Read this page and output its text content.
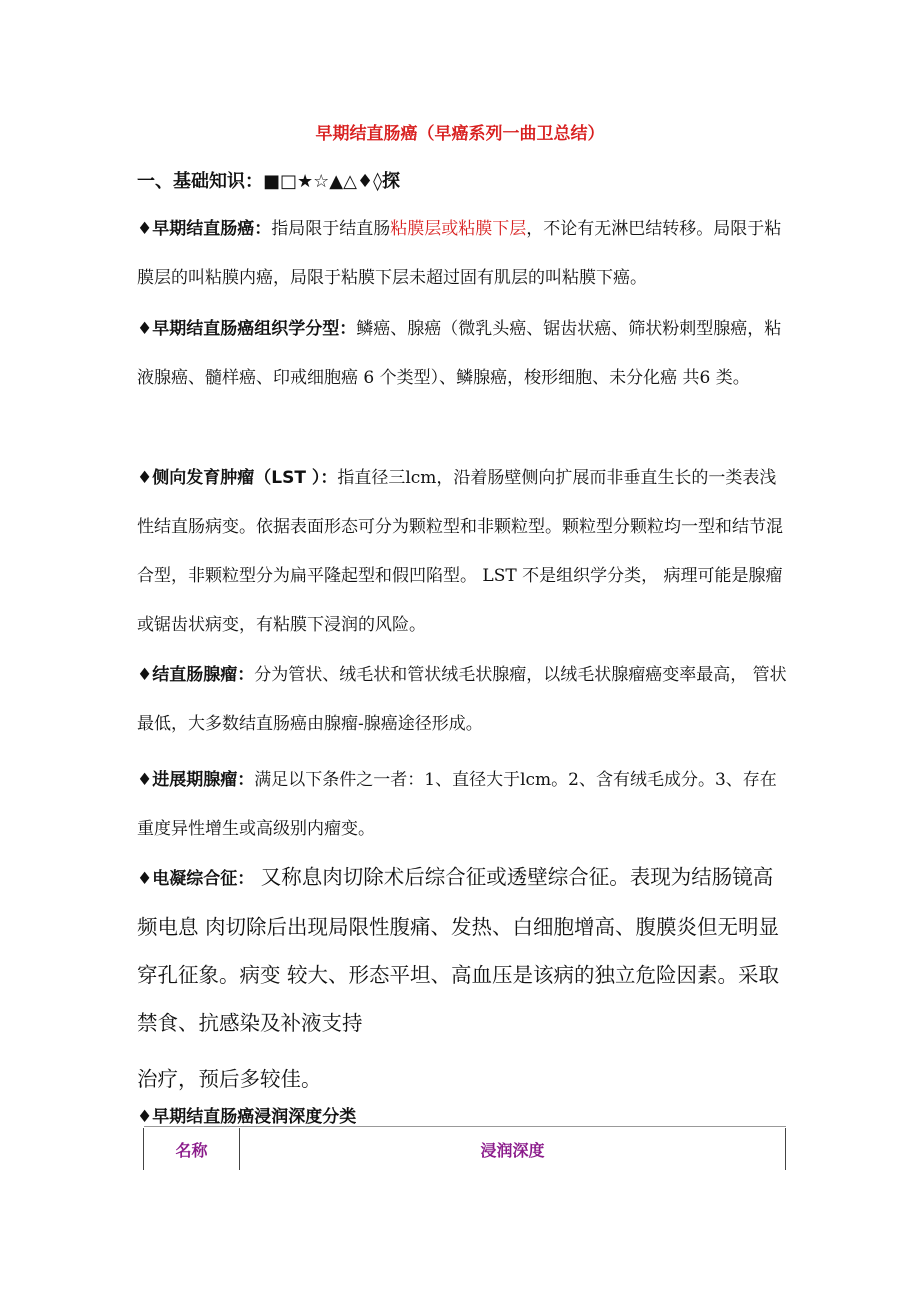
早期结直肠癌（早癌系列一曲卫总结）
一、基础知识：■□★☆▲△♦◊探

♦早期结直肠癌：指局限于结直肠粘膜层或粘膜下层，不论有无淋巴结转移。局限于粘膜层的叫粘膜内癌，局限于粘膜下层未超过固有肌层的叫粘膜下癌。

♦早期结直肠癌组织学分型：鳞癌、腺癌（微乳头癌、锯齿状癌、筛状粉刺型腺癌，粘液腺癌、髓样癌、印戒细胞癌 6 个类型）、鳞腺癌，梭形细胞、未分化癌 共6 类。

♦侧向发育肿瘤（LST ）：指直径三lcm，沿着肠壁侧向扩展而非垂直生长的一类表浅性结直肠病变。依据表面形态可分为颗粒型和非颗粒型。颗粒型分颗粒均一型和结节混合型，非颗粒型分为扁平隆起型和假凹陷型。 LST 不是组织学分类， 病理可能是腺瘤或锯齿状病变，有粘膜下浸润的风险。

♦结直肠腺瘤：分为管状、绒毛状和管状绒毛状腺瘤，以绒毛状腺瘤癌变率最高， 管状最低，大多数结直肠癌由腺瘤-腺癌途径形成。

♦进展期腺瘤：满足以下条件之一者：1、直径大于lcm。2、含有绒毛成分。3、存在重度异性增生或高级别内瘤变。

♦电凝综合征： 又称息肉切除术后综合征或透壁综合征。表现为结肠镜高频电息 肉切除后出现局限性腹痛、发热、白细胞增高、腹膜炎但无明显穿孔征象。病变 较大、形态平坦、高血压是该病的独立危险因素。采取禁食、抗感染及补液支持

治疗，预后多较佳。

♦早期结直肠癌浸润深度分类

名称	浸润深度
